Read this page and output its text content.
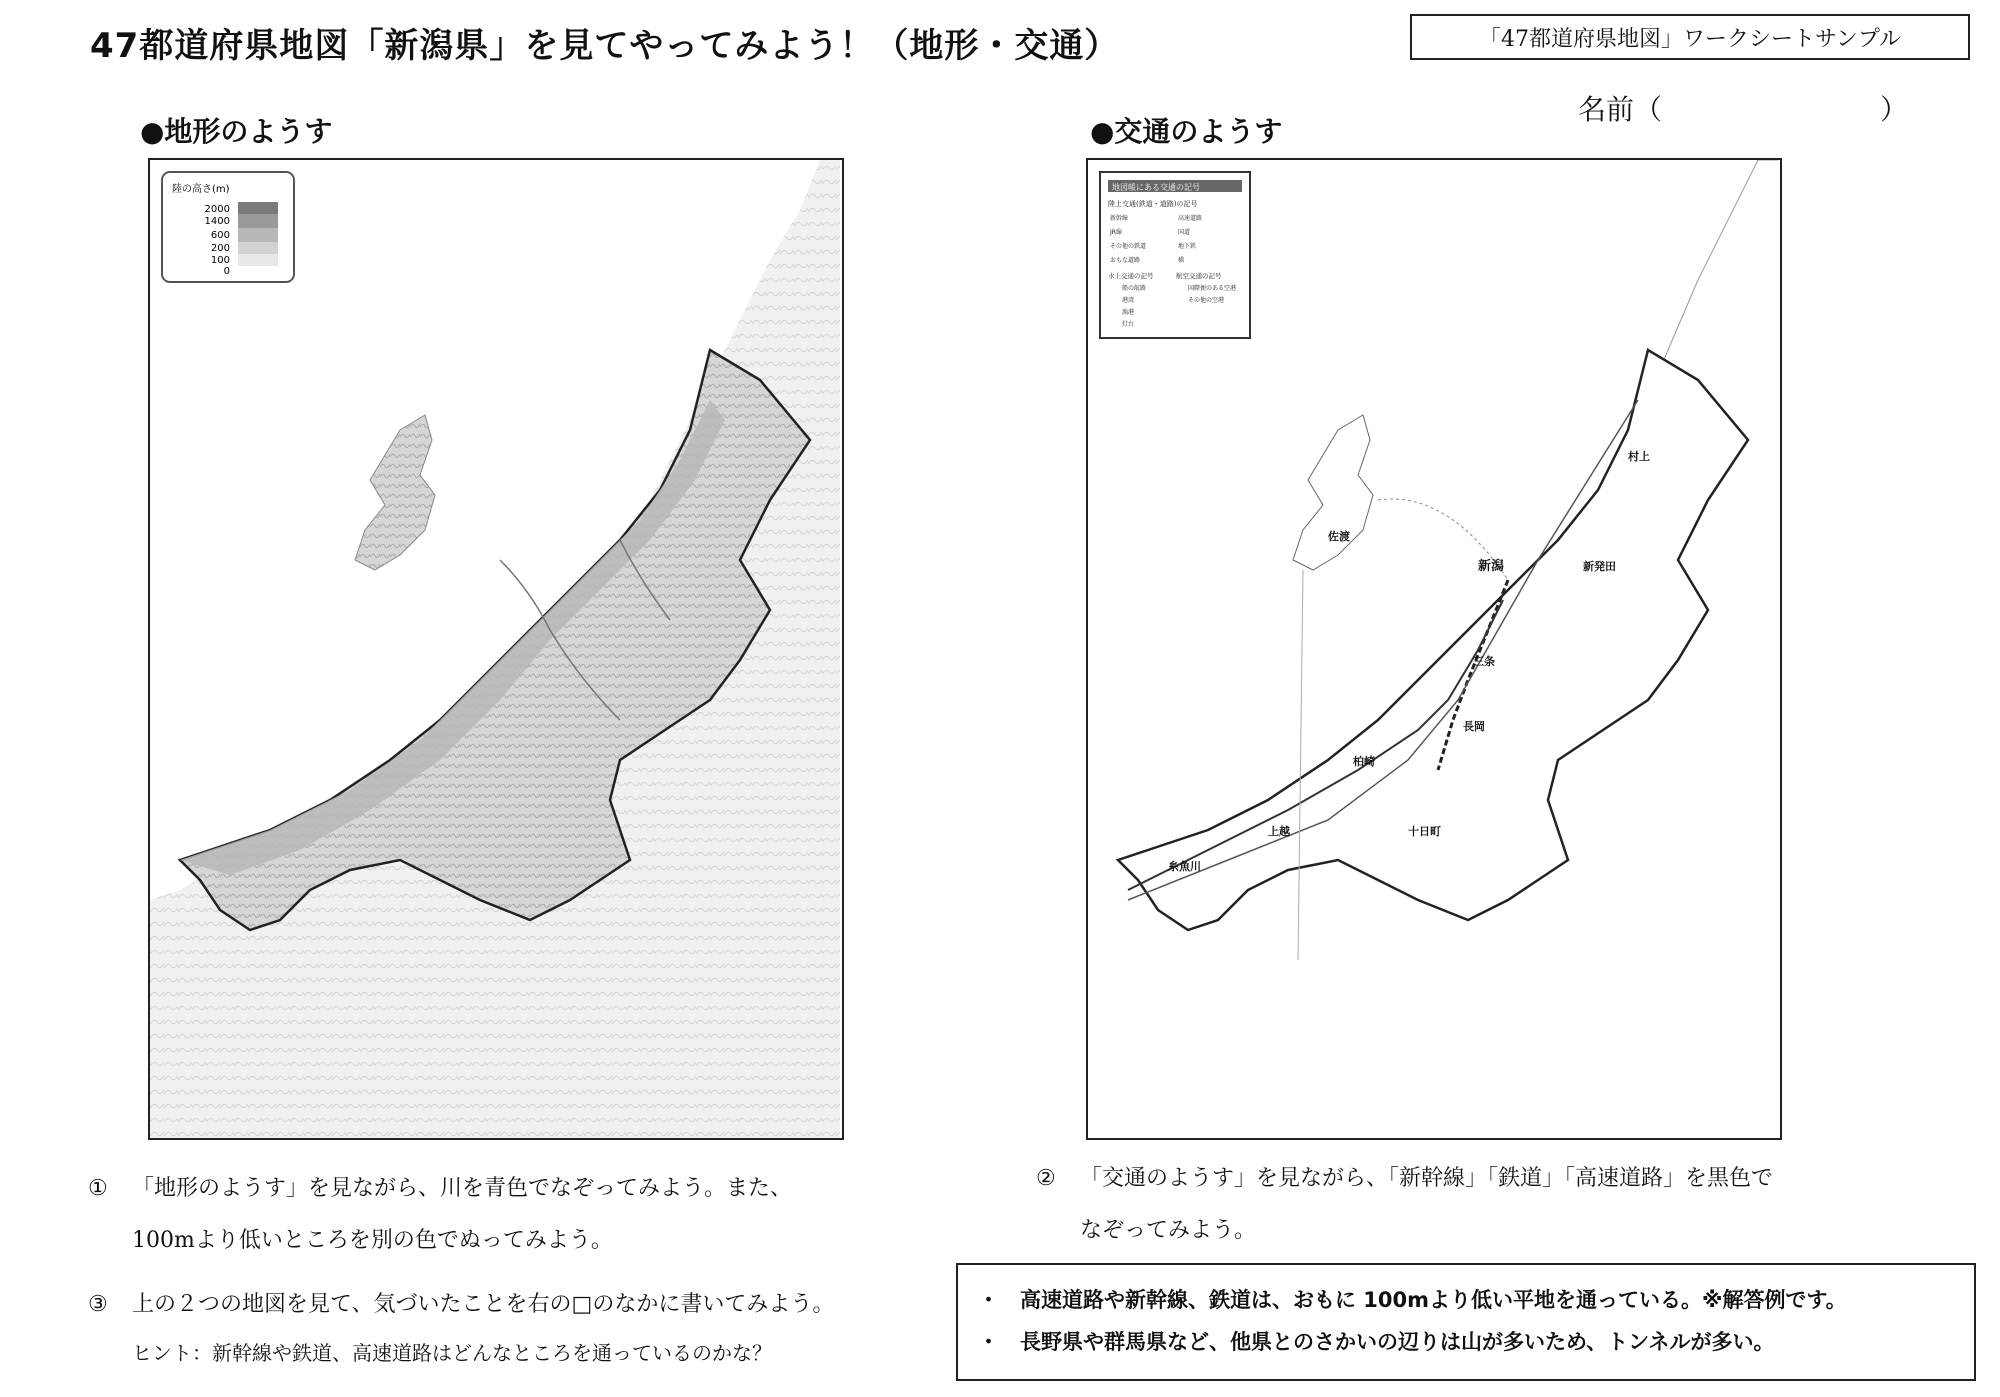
47都道府県地図「新潟県」を見てやってみよう！（地形・交通）	「47都道府県地図」ワークシートサンプル
名前（	）
●地形のようす	●交通のようす
陸の高さ(m)
2000
1400
600
200
100
0
村上
新潟	新発田
佐渡
三条
長岡
柏崎
上越	十日町
糸魚川
地図帳にある交通の記号
陸上交通(鉄道・道路)の記号
新幹線	高速道路
JR線	国道
その他の鉄道	地下鉄
おもな道路	橋
水上交通の記号	航空交通の記号
船の航路
港湾
漁港
灯台
国際便のある空港
その他の空港
① 「地形のようす」を見ながら、川を青色でなぞってみよう。また、
100mより低いところを別の色でぬってみよう。
② 「交通のようす」を見ながら、「新幹線」「鉄道」「高速道路」を黒色で
なぞってみよう。
③ 上の２つの地図を見て、気づいたことを右の□のなかに書いてみよう。
ヒント：新幹線や鉄道、高速道路はどんなところを通っているのかな？
・　高速道路や新幹線、鉄道は、おもに 100mより低い平地を通っている。※解答例です。
・　長野県や群馬県など、他県とのさかいの辺りは山が多いため、トンネルが多い。
